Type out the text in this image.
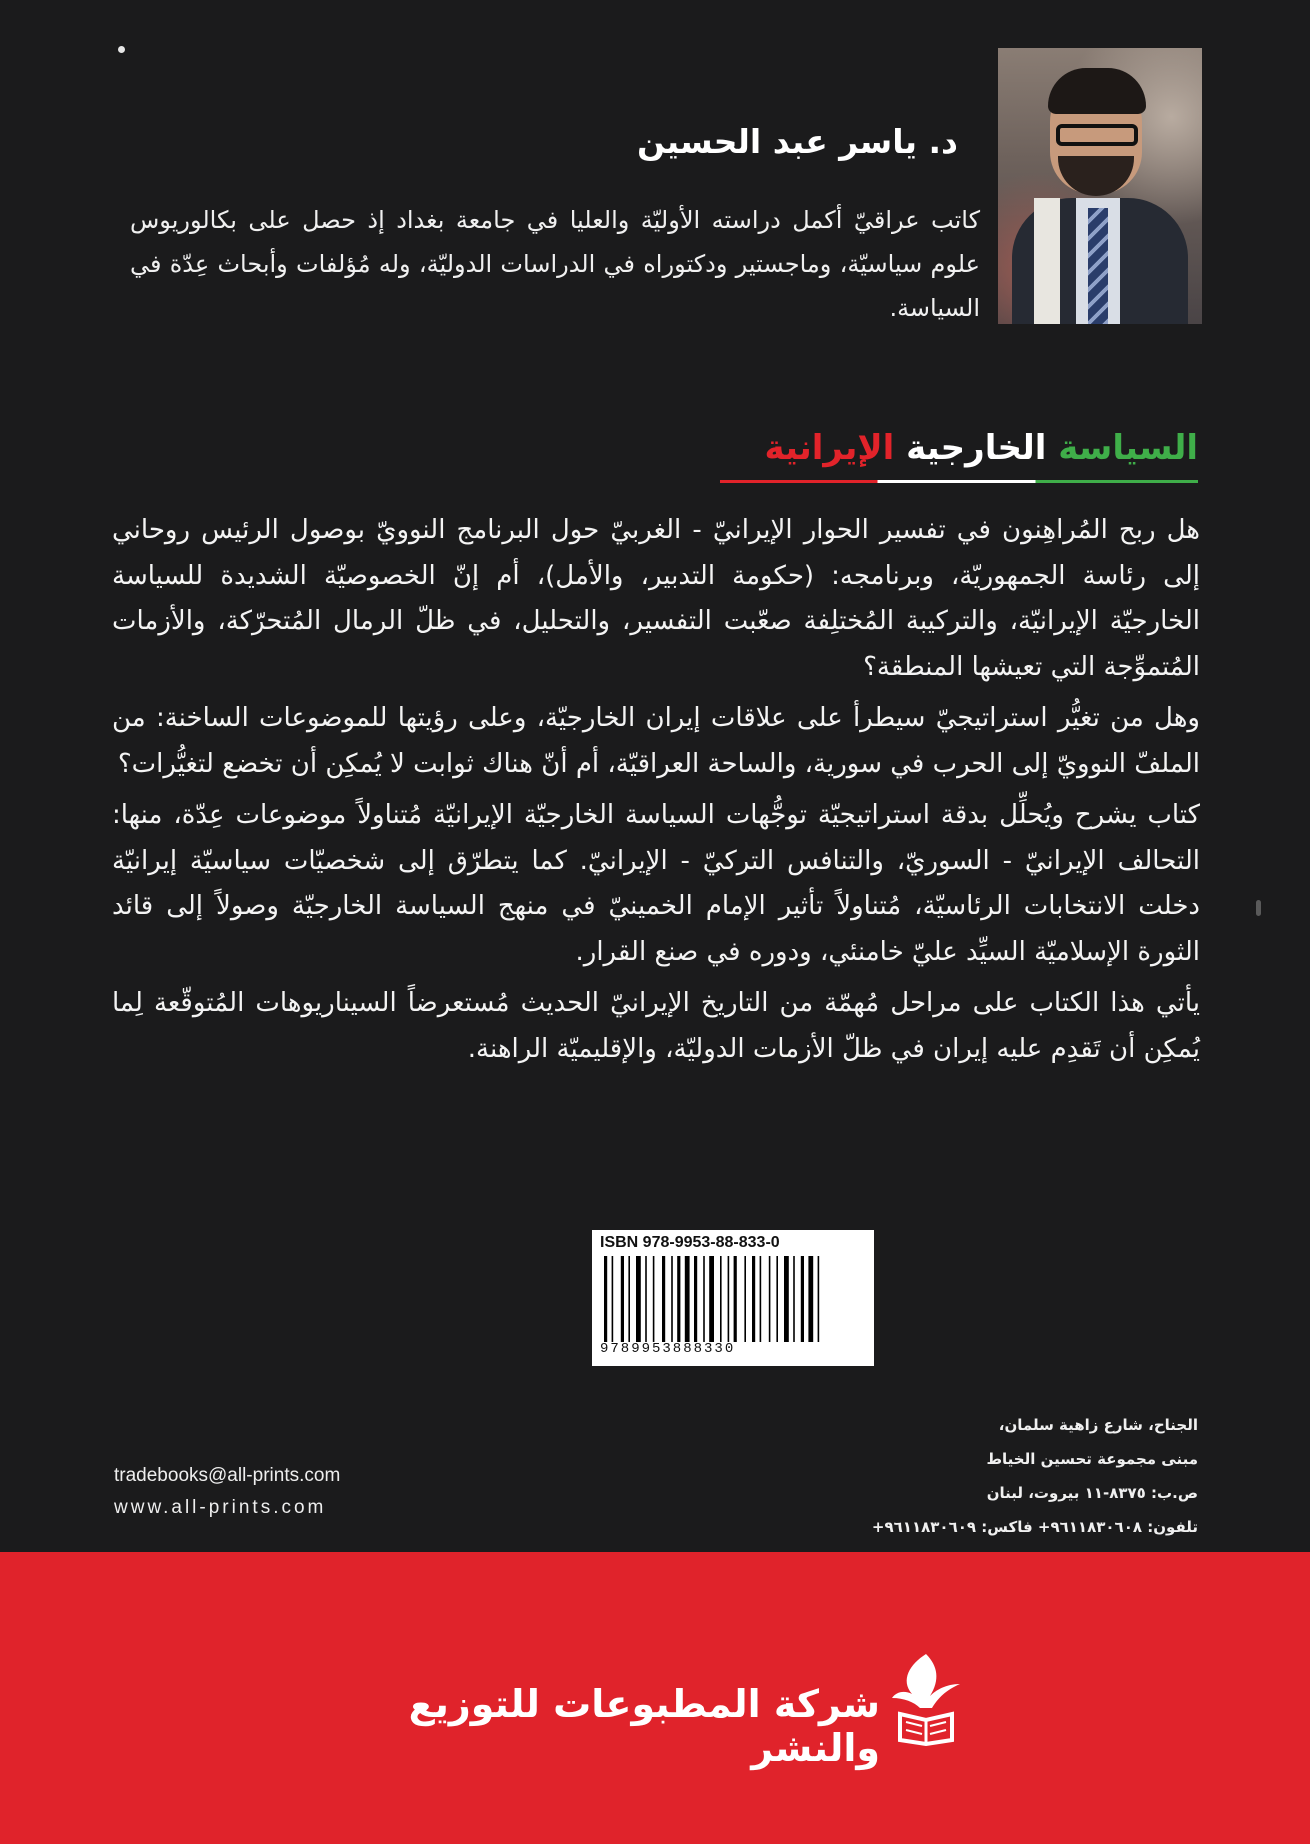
د. ياسر عبد الحسين

كاتب عراقيّ أكمل دراسته الأوليّة والعليا في جامعة بغداد إذ حصل على بكالوريوس علوم سياسيّة، وماجستير ودكتوراه في الدراسات الدوليّة، وله مُؤلفات وأبحاث عِدّة في السياسة.

السياسة الخارجية الإيرانية

هل ربح المُراهِنون في تفسير الحوار الإيرانيّ - الغربيّ حول البرنامج النوويّ بوصول الرئيس روحاني إلى رئاسة الجمهوريّة، وبرنامجه: (حكومة التدبير، والأمل)، أم إنّ الخصوصيّة الشديدة للسياسة الخارجيّة الإيرانيّة، والتركيبة المُختلِفة صعّبت التفسير، والتحليل، في ظلّ الرمال المُتحرّكة، والأزمات المُتموِّجة التي تعيشها المنطقة؟

وهل من تغيُّر استراتيجيّ سيطرأ على علاقات إيران الخارجيّة، وعلى رؤيتها للموضوعات الساخنة: من الملفّ النوويّ إلى الحرب في سورية، والساحة العراقيّة، أم أنّ هناك ثوابت لا يُمكِن أن تخضع لتغيُّرات؟

كتاب يشرح ويُحلِّل بدقة استراتيجيّة توجُّهات السياسة الخارجيّة الإيرانيّة مُتناولاً موضوعات عِدّة، منها: التحالف الإيرانيّ - السوريّ، والتنافس التركيّ - الإيرانيّ. كما يتطرّق إلى شخصيّات سياسيّة إيرانيّة دخلت الانتخابات الرئاسيّة، مُتناولاً تأثير الإمام الخمينيّ في منهج السياسة الخارجيّة وصولاً إلى قائد الثورة الإسلاميّة السيِّد عليّ خامنئي، ودوره في صنع القرار.

يأتي هذا الكتاب على مراحل مُهمّة من التاريخ الإيرانيّ الحديث مُستعرضاً السيناريوهات المُتوقّعة لِما يُمكِن أن تَقدِم عليه إيران في ظلّ الأزمات الدوليّة، والإقليميّة الراهنة.

ISBN 978-9953-88-833-0

9789953888330

tradebooks@all-prints.com

www.all-prints.com

الجناح، شارع زاهية سلمان،
مبنى مجموعة تحسين الخياط
ص.ب: ٨٣٧٥-١١ بيروت، لبنان
تلفون: ٩٦١١٨٣٠٦٠٨+ فاكس: ٩٦١١٨٣٠٦٠٩+

شركة المطبوعات للتوزيع والنشر
